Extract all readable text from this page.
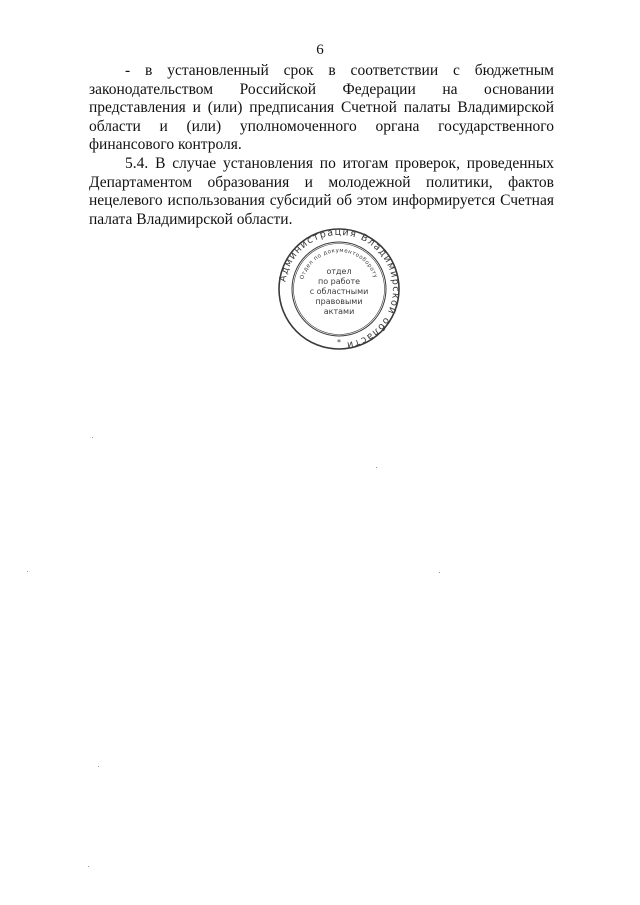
6

- в установленный срок в соответствии с бюджетным законодательством Российской Федерации на основании представления и (или) предписания Счетной палаты Владимирской области и (или) уполномоченного органа государственного финансового контроля.

5.4. В случае установления по итогам проверок, проведенных Департаментом образования и молодежной политики, фактов нецелевого использования субсидий об этом информируется Счетная палата Владимирской области.

Администрация Владимирской области
Отдел по документообороту
отдел
по работе
с областными
правовыми
актами
*
